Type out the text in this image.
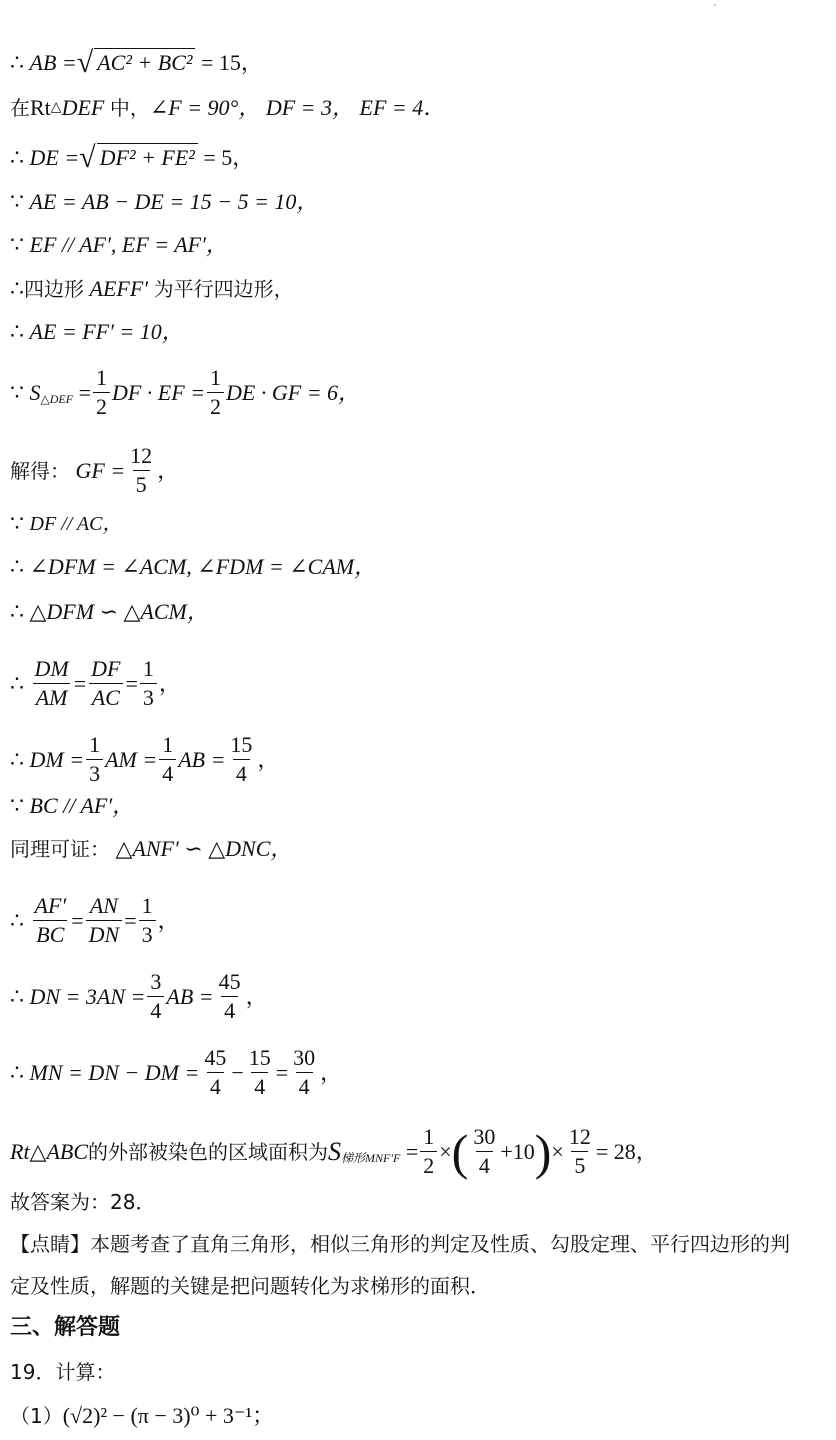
∴
AB = √ AC² + BC²
= 15，
在 Rt △ DEF
中， ∠F = 90°， DF = 3， EF = 4．
∴
DE = √ DF² + FE²
= 5，
∵
AE = AB − DE = 15 − 5 = 10，
∵
EF // AF′, EF = AF′，
∴ 四边形
AEFF′
为平行四边形，
∴
AE = FF′ = 10，
∵
$S_{\triangle DEF}$
= $\frac{1}{2}$ DF · EF = $\frac{1}{2}$ DE · GF = 6，
解得：
GF = $\frac{12}{5}$ ，
∵
DF // AC，
∴
∠DFM = ∠ACM, ∠FDM = ∠CAM，
∴
△DFM ∽ △ACM，
∴
$\frac{DM}{AM} = \frac{DF}{AC} = \frac{1}{3}$ ，
∴
DM = $\frac{1}{3}$ AM = $\frac{1}{4}$ AB = $\frac{15}{4}$ ，
∵
BC // AF′，
同理可证：
△ANF′ ∽ △DNC，
∴
$\frac{AF'}{BC} = \frac{AN}{DN} = \frac{1}{3}$ ，
∴
DN = $3AN = \frac{3}{4}$ AB = $\frac{45}{4}$ ，
∴
MN = DN − DM = $\frac{45}{4} - \frac{15}{4} = \frac{30}{4}$ ，
Rt△ABC 的外部被染色的区域面积为 $S_{梯形MNF'F}$
= $\frac{1}{2}$ × ( $\frac{30}{4} +10$ ) × $\frac{12}{5} = 28$，
故答案为：28．
【点睛】本题考查了直角三角形，相似三角形的判定及性质、勾股定理、平行四边形的判
定及性质，解题的关键是把问题转化为求梯形的面积．
三、解答题
19．计算：
（1） (√2)² − (π − 3)⁰ + 3⁻¹；
